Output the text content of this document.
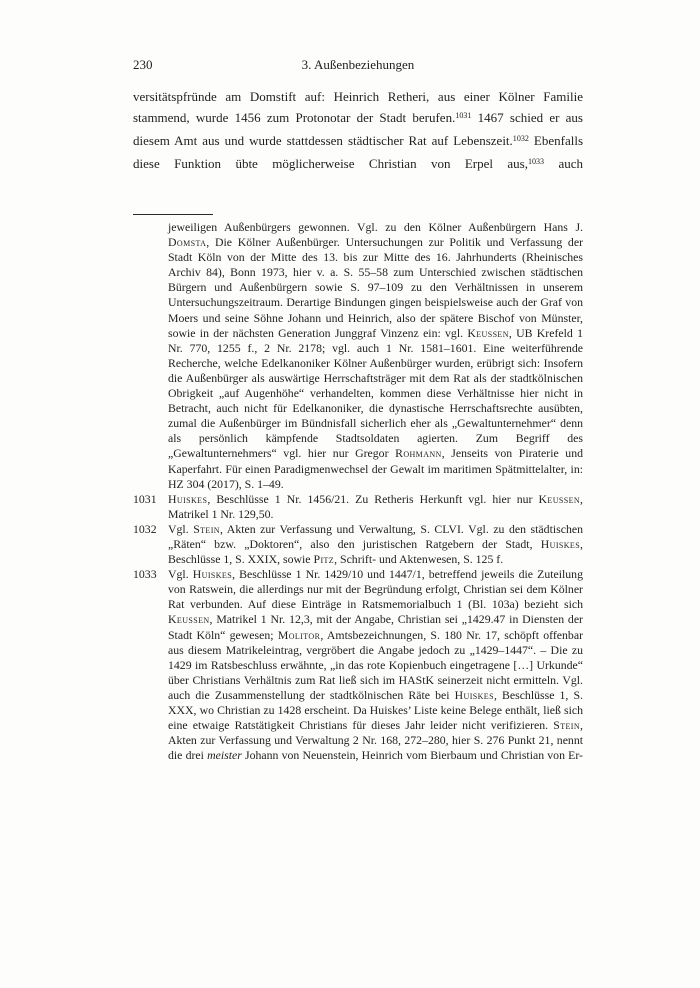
230	3. Außenbeziehungen

versitätspfründe am Domstift auf: Heinrich Retheri, aus einer Kölner Familie stammend, wurde 1456 zum Protonotar der Stadt berufen.$^{1031}$ 1467 schied er aus diesem Amt aus und wurde stattdessen städtischer Rat auf Lebenszeit.$^{1032}$ Ebenfalls diese Funktion übte möglicherweise Christian von Erpel aus,$^{1033}$ auch

jeweiligen Außenbürgers gewonnen. Vgl. zu den Kölner Außenbürgern Hans J. Domsta, Die Kölner Außenbürger. Untersuchungen zur Politik und Verfassung der Stadt Köln von der Mitte des 13. bis zur Mitte des 16. Jahrhunderts (Rheinisches Archiv 84), Bonn 1973, hier v. a. S. 55–58 zum Unterschied zwischen städtischen Bürgern und Außenbürgern sowie S. 97–109 zu den Verhältnissen in unserem Untersuchungszeitraum. Derartige Bindungen gingen beispielsweise auch der Graf von Moers und seine Söhne Johann und Heinrich, also der spätere Bischof von Münster, sowie in der nächsten Generation Junggraf Vinzenz ein: vgl. Keussen, UB Krefeld 1 Nr. 770, 1255 f., 2 Nr. 2178; vgl. auch 1 Nr. 1581–1601. Eine weiterführende Recherche, welche Edelkanoniker Kölner Außenbürger wurden, erübrigt sich: Insofern die Außenbürger als auswärtige Herrschaftsträger mit dem Rat als der stadtkölnischen Obrigkeit „auf Augenhöhe“ verhandelten, kommen diese Verhältnisse hier nicht in Betracht, auch nicht für Edelkanoniker, die dynastische Herrschaftsrechte ausübten, zumal die Außenbürger im Bündnisfall sicherlich eher als „Gewaltunternehmer“ denn als persönlich kämpfende Stadtsoldaten agierten. Zum Begriff des „Gewaltunternehmers“ vgl. hier nur Gregor Rohmann, Jenseits von Piraterie und Kaperfahrt. Für einen Paradigmenwechsel der Gewalt im maritimen Spätmittelalter, in: HZ 304 (2017), S. 1–49.
1031 Huiskes, Beschlüsse 1 Nr. 1456/21. Zu Retheris Herkunft vgl. hier nur Keussen, Matrikel 1 Nr. 129,50.
1032 Vgl. Stein, Akten zur Verfassung und Verwaltung, S. CLVI. Vgl. zu den städtischen „Räten“ bzw. „Doktoren“, also den juristischen Ratgebern der Stadt, Huiskes, Beschlüsse 1, S. XXIX, sowie Pitz, Schrift- und Aktenwesen, S. 125 f.
1033 Vgl. Huiskes, Beschlüsse 1 Nr. 1429/10 und 1447/1, betreffend jeweils die Zuteilung von Ratswein, die allerdings nur mit der Begründung erfolgt, Christian sei dem Kölner Rat verbunden. Auf diese Einträge in Ratsmemorialbuch 1 (Bl. 103a) bezieht sich Keussen, Matrikel 1 Nr. 12,3, mit der Angabe, Christian sei „1429.47 in Diensten der Stadt Köln“ gewesen; Molitor, Amtsbezeichnungen, S. 180 Nr. 17, schöpft offenbar aus diesem Matrikeleintrag, vergröbert die Angabe jedoch zu „1429–1447“. – Die zu 1429 im Ratsbeschluss erwähnte, „in das rote Kopienbuch eingetragene […] Urkunde“ über Christians Verhältnis zum Rat ließ sich im HAStK seinerzeit nicht ermitteln. Vgl. auch die Zusammenstellung der stadtkölnischen Räte bei Huiskes, Beschlüsse 1, S. XXX, wo Christian zu 1428 erscheint. Da Huiskes’ Liste keine Belege enthält, ließ sich eine etwaige Ratstätigkeit Christians für dieses Jahr leider nicht verifizieren. Stein, Akten zur Verfassung und Verwaltung 2 Nr. 168, 272–280, hier S. 276 Punkt 21, nennt die drei meister Johann von Neuenstein, Heinrich vom Bierbaum und Christian von Er-
